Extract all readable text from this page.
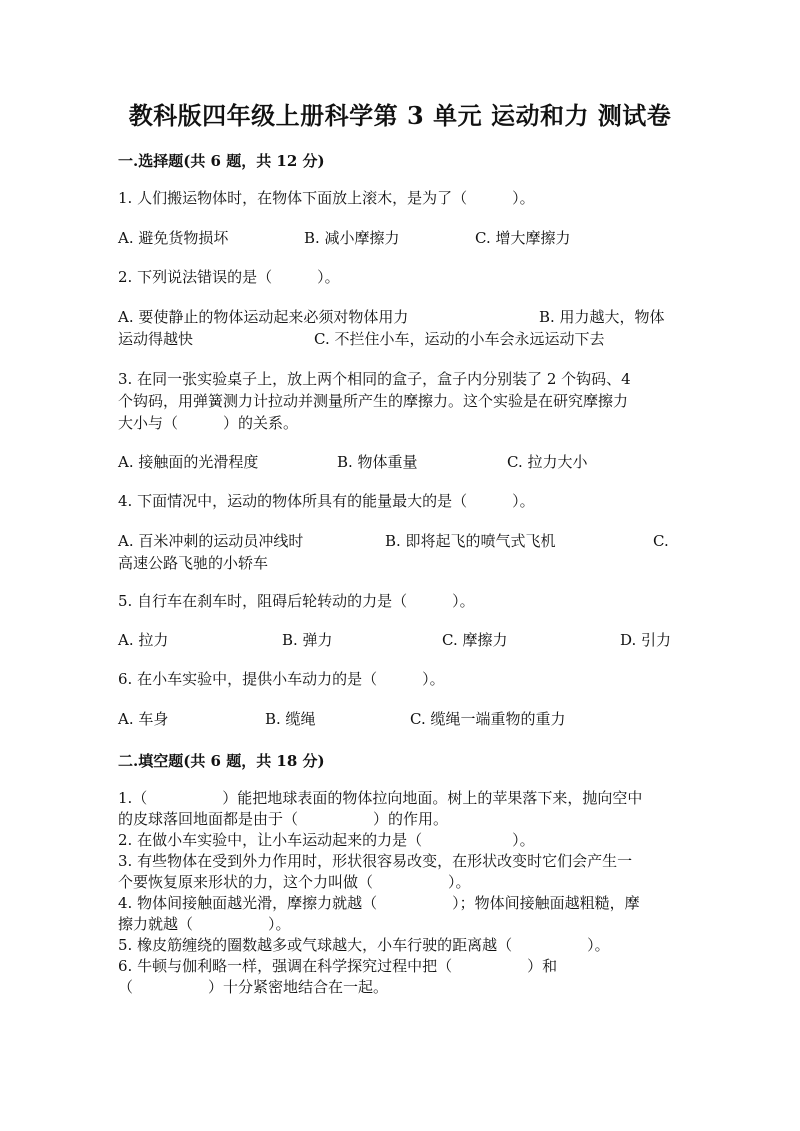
教科版四年级上册科学第 3 单元 运动和力 测试卷
一.选择题(共 6 题，共 12 分)
1. 人们搬运物体时，在物体下面放上滚木，是为了（　　　）。
A. 避免货物损坏	B. 减小摩擦力	C. 增大摩擦力
2. 下列说法错误的是（　　　）。
A. 要使静止的物体运动起来必须对物体用力	B. 用力越大，物体
运动得越快	C. 不拦住小车，运动的小车会永远运动下去
3. 在同一张实验桌子上，放上两个相同的盒子，盒子内分别装了 2 个钩码、4
个钩码，用弹簧测力计拉动并测量所产生的摩擦力。这个实验是在研究摩擦力
大小与（　　　）的关系。
A. 接触面的光滑程度	B. 物体重量	C. 拉力大小
4. 下面情况中，运动的物体所具有的能量最大的是（　　　）。
A. 百米冲刺的运动员冲线时	B. 即将起飞的喷气式飞机	C.
高速公路飞驰的小轿车
5. 自行车在刹车时，阻碍后轮转动的力是（　　　）。
A. 拉力	B. 弹力	C. 摩擦力	D. 引力
6. 在小车实验中，提供小车动力的是（　　　）。
A. 车身	B. 缆绳	C. 缆绳一端重物的重力
二.填空题(共 6 题，共 18 分)
1.（　　　　　）能把地球表面的物体拉向地面。树上的苹果落下来，抛向空中
的皮球落回地面都是由于（　　　　　）的作用。
2. 在做小车实验中，让小车运动起来的力是（　　　　　　）。
3. 有些物体在受到外力作用时，形状很容易改变，在形状改变时它们会产生一
个要恢复原来形状的力，这个力叫做（　　　　　）。
4. 物体间接触面越光滑，摩擦力就越（　　　　　）；物体间接触面越粗糙，摩
擦力就越（　　　　　）。
5. 橡皮筋缠绕的圈数越多或气球越大，小车行驶的距离越（　　　　　）。
6. 牛顿与伽利略一样，强调在科学探究过程中把（　　　　　）和
（　　　　　）十分紧密地结合在一起。
